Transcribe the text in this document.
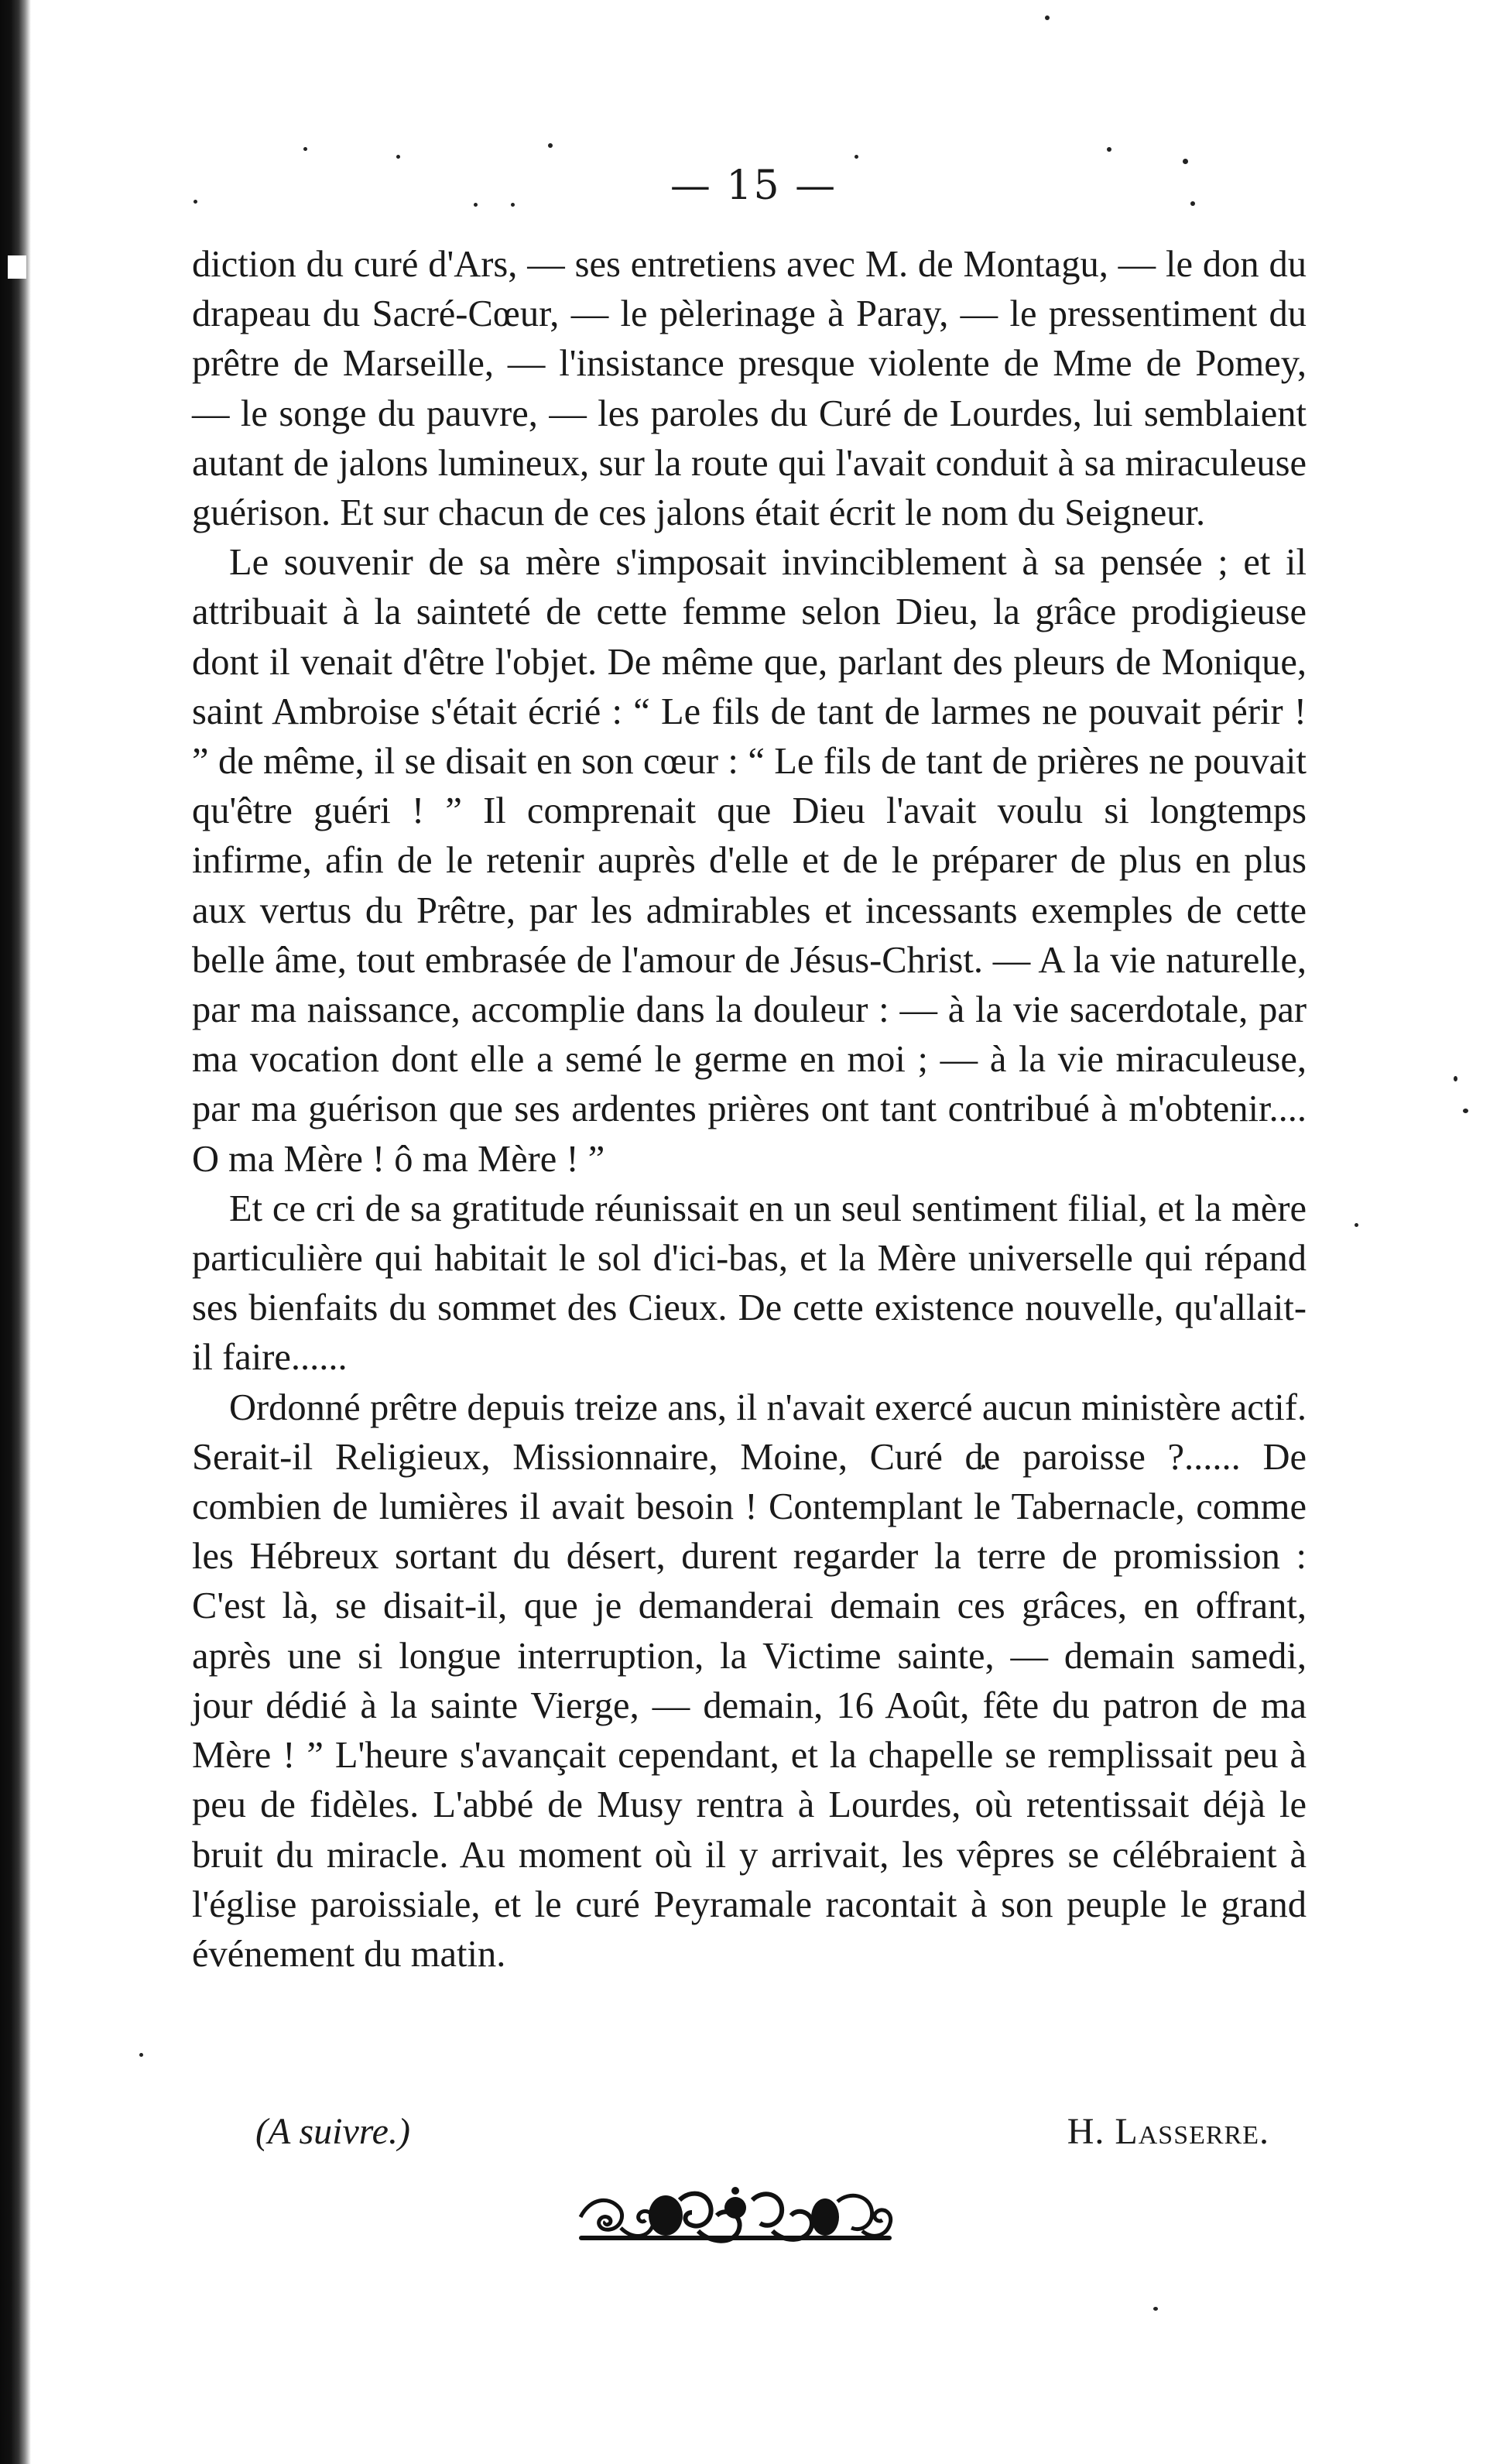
— 15 —

diction du curé d'Ars, — ses entretiens avec M. de Montagu, — le don du drapeau du Sacré-Cœur, — le pèlerinage à Paray, — le pressentiment du prêtre de Marseille, — l'insistance presque violente de Mme de Pomey, — le songe du pauvre, — les paroles du Curé de Lourdes, lui semblaient autant de jalons lumineux, sur la route qui l'avait conduit à sa miraculeuse guérison. Et sur chacun de ces jalons était écrit le nom du Seigneur.

Le souvenir de sa mère s'imposait invinciblement à sa pensée ; et il attribuait à la sainteté de cette femme selon Dieu, la grâce prodigieuse dont il venait d'être l'objet. De même que, parlant des pleurs de Monique, saint Ambroise s'était écrié : “ Le fils de tant de larmes ne pouvait périr ! ” de même, il se disait en son cœur : “ Le fils de tant de prières ne pouvait qu'être guéri ! ” Il comprenait que Dieu l'avait voulu si longtemps infirme, afin de le retenir auprès d'elle et de le préparer de plus en plus aux vertus du Prêtre, par les admirables et incessants exemples de cette belle âme, tout embrasée de l'amour de Jésus-Christ. — A la vie naturelle, par ma naissance, accomplie dans la douleur : — à la vie sacerdotale, par ma vocation dont elle a semé le germe en moi ; — à la vie miraculeuse, par ma guérison que ses ardentes prières ont tant contribué à m'obtenir.... O ma Mère ! ô ma Mère ! ”

Et ce cri de sa gratitude réunissait en un seul sentiment filial, et la mère particulière qui habitait le sol d'ici-bas, et la Mère universelle qui répand ses bienfaits du sommet des Cieux. De cette existence nouvelle, qu'allait-il faire......

Ordonné prêtre depuis treize ans, il n'avait exercé aucun ministère actif. Serait-il Religieux, Missionnaire, Moine, Curé de paroisse ?...... De combien de lumières il avait besoin ! Contemplant le Tabernacle, comme les Hébreux sortant du désert, durent regarder la terre de promission : C'est là, se disait-il, que je demanderai demain ces grâces, en offrant, après une si longue interruption, la Victime sainte, — demain samedi, jour dédié à la sainte Vierge, — demain, 16 Août, fête du patron de ma Mère ! ” L'heure s'avançait cependant, et la chapelle se remplissait peu à peu de fidèles. L'abbé de Musy rentra à Lourdes, où retentissait déjà le bruit du miracle. Au moment où il y arrivait, les vêpres se célébraient à l'église paroissiale, et le curé Peyramale racontait à son peuple le grand événement du matin.

(A suivre.)	H. Lasserre.
